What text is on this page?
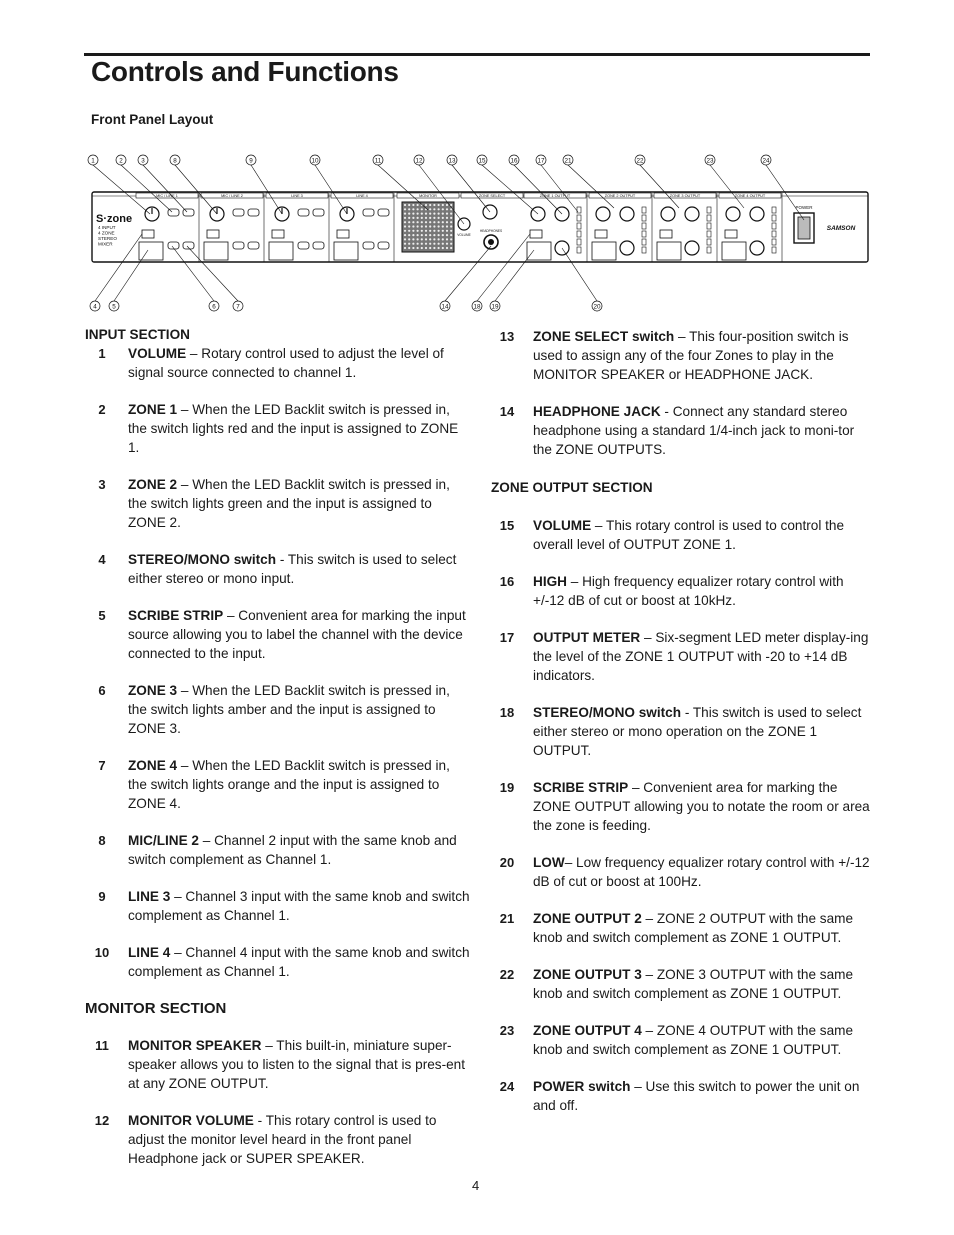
Controls and Functions
Front Panel Layout
S·zone
4 INPUT
4 ZONE
STEREO
MIXER
MIC / LINE 1	MIC / LINE 2	LINE 3	LINE 4	MONITOR	ZONE SELECT
VOLUME
HEADPHONES
ZONE 1 OUTPUT	ZONE 2 OUTPUT	ZONE 3 OUTPUT	ZONE 4 OUTPUT
POWER
SAMSON
1	2	3	8	9	10	11	12	13	15	16	17	21	22	23	24
4 5	6	7	14	18 19	20
INPUT SECTION
1	VOLUME – Rotary control used to adjust the level of signal source connected to channel 1.
2	ZONE 1 – When the LED Backlit switch is pressed in, the switch lights red and the input is assigned to ZONE 1.
3	ZONE 2 – When the LED Backlit switch is pressed in, the switch lights green and the input is assigned to ZONE 2.
4	STEREO/MONO switch - This switch is used to select either stereo or mono input.
5	SCRIBE STRIP – Convenient area for marking the input source allowing you to label the channel with the device connected to the input.
6	ZONE 3 – When the LED Backlit switch is pressed in, the switch lights amber and the input is assigned to ZONE 3.
7	ZONE 4 – When the LED Backlit switch is pressed in, the switch lights orange and the input is assigned to ZONE 4.
8	MIC/LINE 2 – Channel 2 input with the same knob and switch complement as Channel 1.
9	LINE 3 – Channel 3 input with the same knob and switch complement as Channel 1.
10	LINE 4 – Channel 4 input with the same knob and switch complement as Channel 1.
MONITOR SECTION
11	MONITOR SPEAKER – This built-in, miniature super-speaker allows you to listen to the signal that is pres-ent at any ZONE OUTPUT.
12	MONITOR VOLUME - This rotary control is used to adjust the monitor level heard in the front panel Headphone jack or SUPER SPEAKER.
13	ZONE SELECT switch – This four-position switch is used to assign any of the four Zones to play in the MONITOR SPEAKER or HEADPHONE JACK.
14	HEADPHONE JACK - Connect any standard stereo headphone using a standard 1/4-inch jack to moni-tor the ZONE OUTPUTS.
ZONE OUTPUT SECTION
15	VOLUME – This rotary control is used to control the overall level of OUTPUT ZONE 1.
16	HIGH – High frequency equalizer rotary control with +/-12 dB of cut or boost at 10kHz.
17	OUTPUT METER – Six-segment LED meter display-ing the level of the ZONE 1 OUTPUT with -20 to +14 dB indicators.
18	STEREO/MONO switch - This switch is used to select either stereo or mono operation on the ZONE 1 OUTPUT.
19	SCRIBE STRIP – Convenient area for marking the ZONE OUTPUT allowing you to notate the room or area the zone is feeding.
20	LOW– Low frequency equalizer rotary control with +/-12 dB of cut or boost at 100Hz.
21	ZONE OUTPUT 2 – ZONE 2 OUTPUT with the same knob and switch complement as ZONE 1 OUTPUT.
22	ZONE OUTPUT 3 – ZONE 3 OUTPUT with the same knob and switch complement as ZONE 1 OUTPUT.
23	ZONE OUTPUT 4 – ZONE 4 OUTPUT with the same knob and switch complement as ZONE 1 OUTPUT.
24	POWER switch – Use this switch to power the unit on and off.
4
